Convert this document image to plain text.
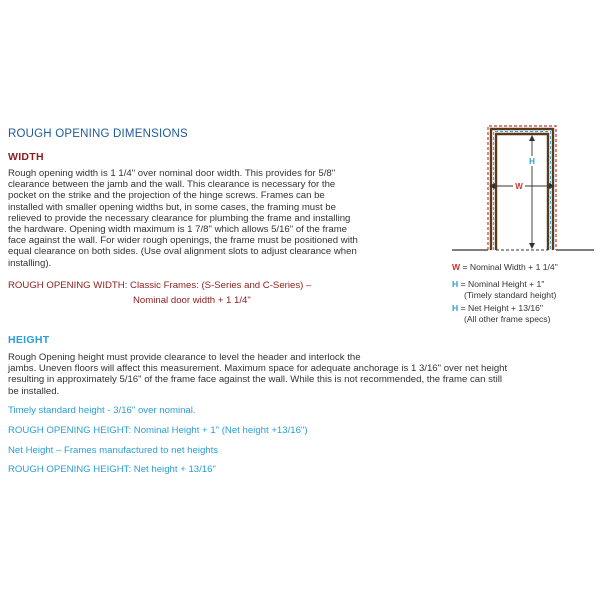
ROUGH OPENING DIMENSIONS
WIDTH
Rough opening width is 1 1/4" over nominal door width. This provides for 5/8"
clearance between the jamb and the wall. This clearance is necessary for the
pocket on the strike and the projection of the hinge screws. Frames can be
installed with smaller opening widths but, in some cases, the framing must be
relieved to provide the necessary clearance for plumbing the frame and installing
the hardware. Opening width maximum is 1 7/8" which allows 5/16" of the frame
face against the wall. For wider rough openings, the frame must be positioned with
equal clearance on both sides. (Use oval alignment slots to adjust clearance when
installing).
ROUGH OPENING WIDTH: Classic Frames: (S-Series and C-Series) –
Nominal door width + 1 1/4"
HEIGHT
Rough Opening height must provide clearance to level the header and interlock the
jambs. Uneven floors will affect this measurement. Maximum space for adequate anchorage is 1 3/16" over net height
resulting in approximately 5/16" of the frame face against the wall. While this is not recommended, the frame can still
be installed.
Timely standard height - 3/16" over nominal.
ROUGH OPENING HEIGHT: Nominal Height + 1" (Net height +13/16")
Net Height – Frames manufactured to net heights
ROUGH OPENING HEIGHT: Net height + 13/16"
H
W
W = Nominal Width + 1 1/4"
H = Nominal Height + 1"
(Timely standard height)
H = Net Height + 13/16"
(All other frame specs)
